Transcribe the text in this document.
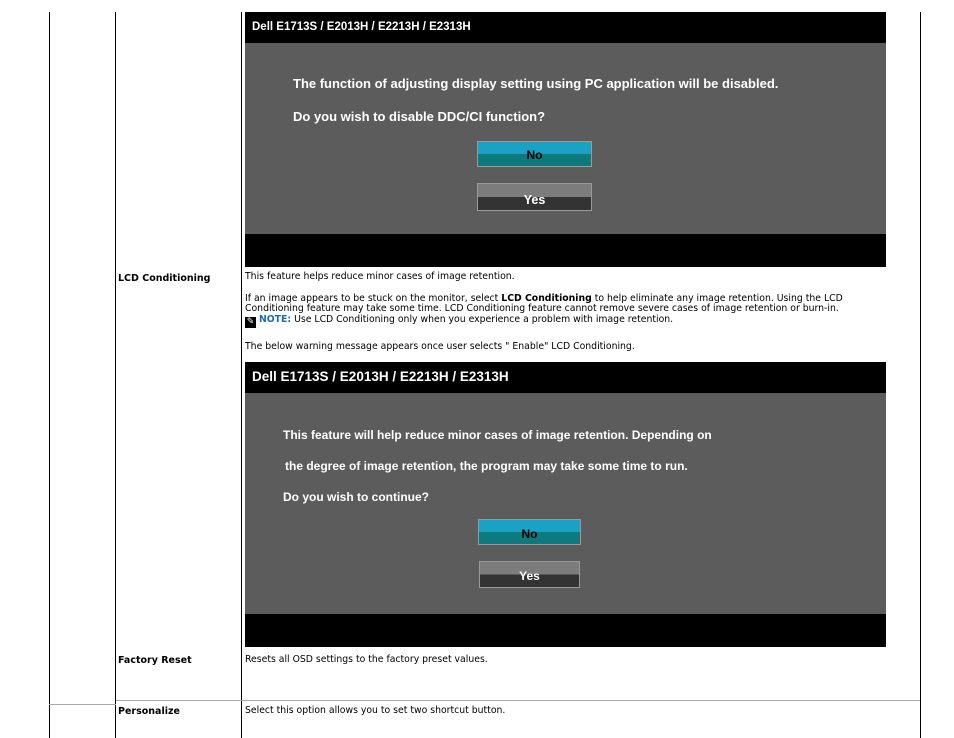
Dell E1713S / E2013H / E2213H / E2313H
The function of adjusting display setting using PC application will be disabled.
Do you wish to disable DDC/CI function?
No
Yes
LCD Conditioning	This feature helps reduce minor cases of image retention.
If an image appears to be stuck on the monitor, select LCD Conditioning to help eliminate any image retention. Using the LCD
Conditioning feature may take some time. LCD Conditioning feature cannot remove severe cases of image retention or burn-in.
✎ NOTE: Use LCD Conditioning only when you experience a problem with image retention.
The below warning message appears once user selects " Enable" LCD Conditioning.
Dell E1713S / E2013H / E2213H / E2313H
This feature will help reduce minor cases of image retention. Depending on
the degree of image retention, the program may take some time to run.
Do you wish to continue?
No
Yes
Factory Reset	Resets all OSD settings to the factory preset values.
Personalize	Select this option allows you to set two shortcut button.
